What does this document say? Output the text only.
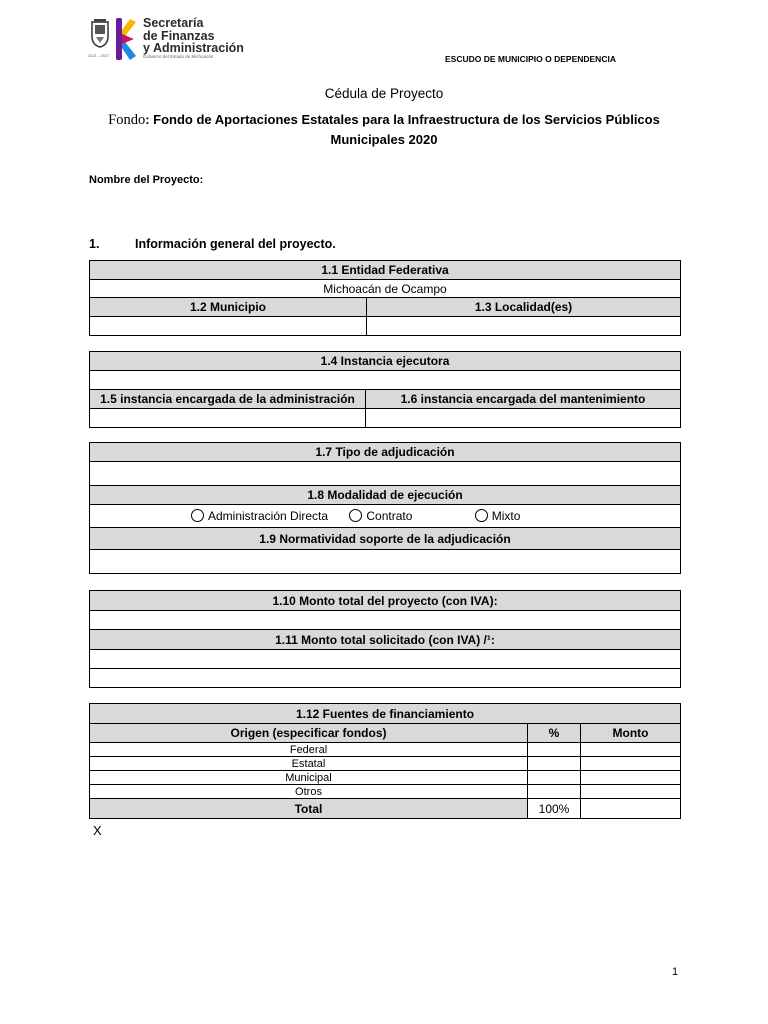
Secretaría
de Finanzas
y Administración
Gobierno del Estado de Michoacán
2021 - 2027	ESCUDO DE MUNICIPIO O DEPENDENCIA
Cédula de Proyecto
Fondo: Fondo de Aportaciones Estatales para la Infraestructura de los Servicios Públicos
Municipales 2020
Nombre del Proyecto:
1.	Información general del proyecto.
1.1 Entidad Federativa	
Michoacán de Ocampo	
1.2 Municipio	1.3 Localidad(es)

1.4 Instancia ejecutora	

1.5 instancia encargada de la administración	1.6 instancia encargada del mantenimiento

1.7 Tipo de adjudicación

1.8 Modalidad de ejecución
Administración Directa	Contrato	Mixto
1.9 Normatividad soporte de la adjudicación

1.10 Monto total del proyecto (con IVA):

1.11 Monto total solicitado (con IVA) /¹:

1.12 Fuentes de financiamiento		
Origen (especificar fondos)	%	Monto
Federal		
Estatal		
Municipal		
Otros		
Total	100%	
X
1
